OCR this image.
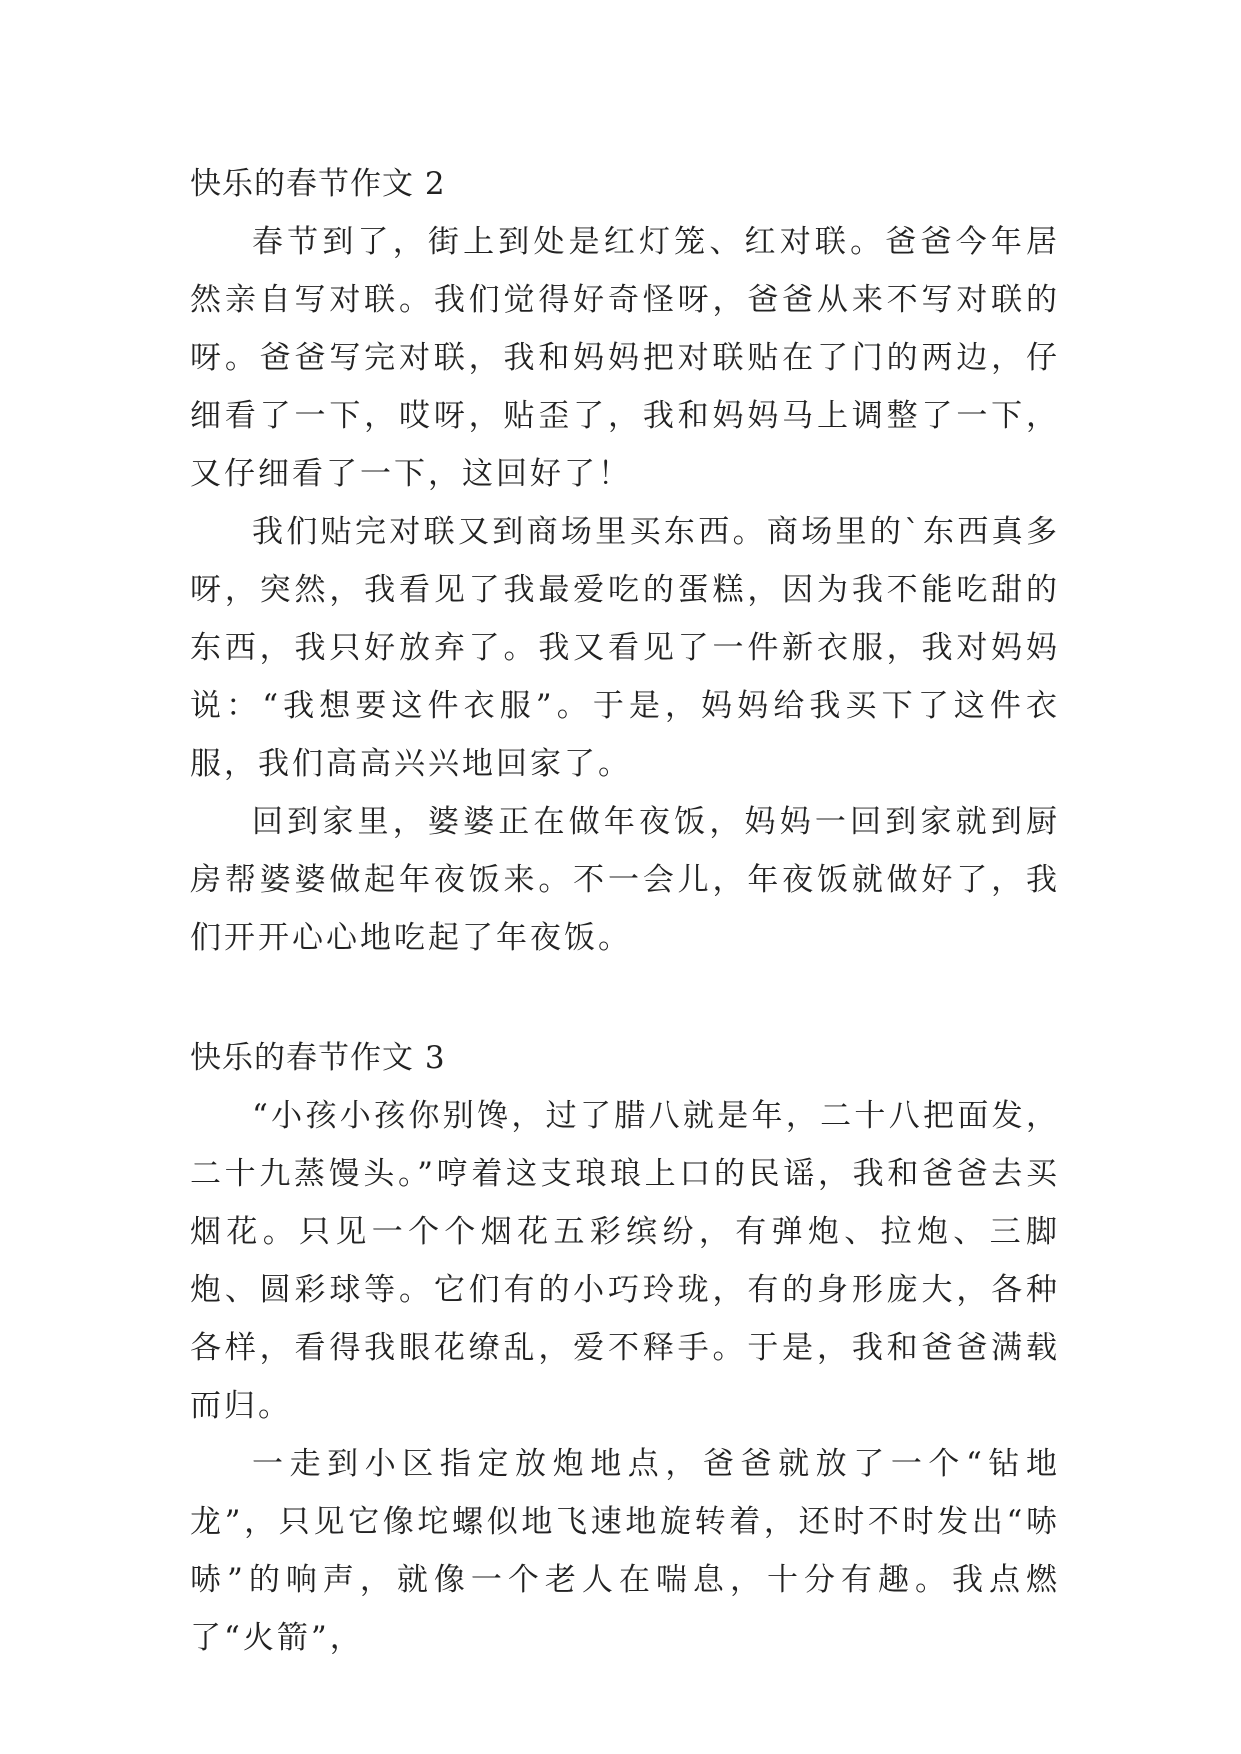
快乐的春节作文 2

春节到了，街上到处是红灯笼、红对联。爸爸今年居然亲自写对联。我们觉得好奇怪呀，爸爸从来不写对联的呀。爸爸写完对联，我和妈妈把对联贴在了门的两边，仔细看了一下，哎呀，贴歪了，我和妈妈马上调整了一下，又仔细看了一下，这回好了！

我们贴完对联又到商场里买东西。商场里的`东西真多呀，突然，我看见了我最爱吃的蛋糕，因为我不能吃甜的东西，我只好放弃了。我又看见了一件新衣服，我对妈妈说：“我想要这件衣服”。于是，妈妈给我买下了这件衣服，我们高高兴兴地回家了。

回到家里，婆婆正在做年夜饭，妈妈一回到家就到厨房帮婆婆做起年夜饭来。不一会儿，年夜饭就做好了，我们开开心心地吃起了年夜饭。

快乐的春节作文 3

“小孩小孩你别馋，过了腊八就是年，二十八把面发，二十九蒸馒头。”哼着这支琅琅上口的民谣，我和爸爸去买烟花。只见一个个烟花五彩缤纷，有弹炮、拉炮、三脚炮、圆彩球等。它们有的小巧玲珑，有的身形庞大，各种各样，看得我眼花缭乱，爱不释手。于是，我和爸爸满载而归。

一走到小区指定放炮地点，爸爸就放了一个“钻地龙”，只见它像坨螺似地飞速地旋转着，还时不时发出“哧哧”的响声，就像一个老人在喘息，十分有趣。我点燃了“火箭”，
